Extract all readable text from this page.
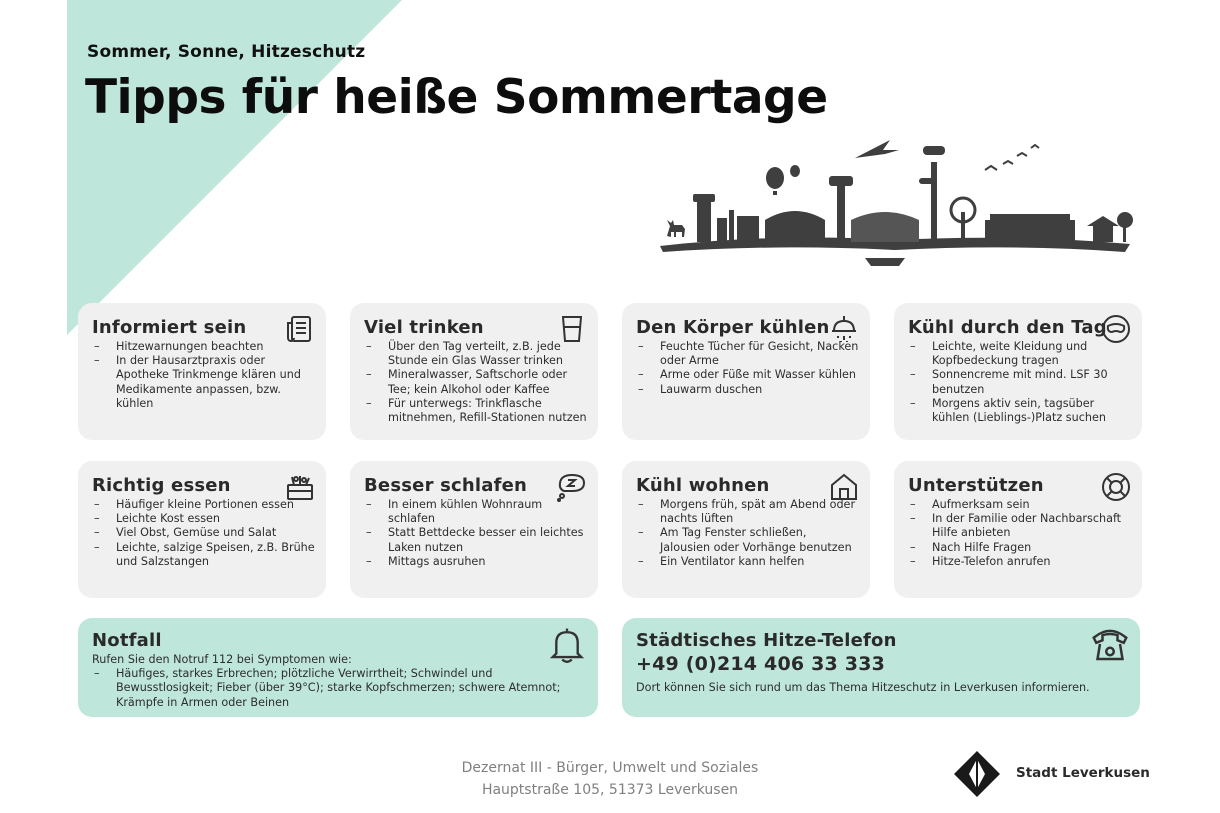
Sommer, Sonne, Hitzeschutz
Tipps für heiße Sommertage
Informiert sein
– Hitzewarnungen beachten
– In der Hausarztpraxis oder Apotheke Trinkmenge klären und Medikamente anpassen, bzw. kühlen
Viel trinken
– Über den Tag verteilt, z.B. jede Stunde ein Glas Wasser trinken
– Mineralwasser, Saftschorle oder Tee; kein Alkohol oder Kaffee
– Für unterwegs: Trinkflasche mitnehmen, Refill-Stationen nutzen
Den Körper kühlen
– Feuchte Tücher für Gesicht, Nacken oder Arme
– Arme oder Füße mit Wasser kühlen
– Lauwarm duschen
Kühl durch den Tag
– Leichte, weite Kleidung und Kopfbedeckung tragen
– Sonnencreme mit mind. LSF 30 benutzen
– Morgens aktiv sein, tagsüber kühlen (Lieblings-)Platz suchen
Richtig essen
– Häufiger kleine Portionen essen
– Leichte Kost essen
– Viel Obst, Gemüse und Salat
– Leichte, salzige Speisen, z.B. Brühe und Salzstangen
Besser schlafen
– In einem kühlen Wohnraum schlafen
– Statt Bettdecke besser ein leichtes Laken nutzen
– Mittags ausruhen
Kühl wohnen
– Morgens früh, spät am Abend oder nachts lüften
– Am Tag Fenster schließen, Jalousien oder Vorhänge benutzen
– Ein Ventilator kann helfen
Unterstützen
– Aufmerksam sein
– In der Familie oder Nachbarschaft Hilfe anbieten
– Nach Hilfe Fragen
– Hitze-Telefon anrufen
Notfall

Rufen Sie den Notruf 112 bei Symptomen wie:

– Häufiges, starkes Erbrechen; plötzliche Verwirrtheit; Schwindel und Bewusstlosigkeit; Fieber (über 39°C); starke Kopfschmerzen; schwere Atemnot; Krämpfe in Armen oder Beinen
Städtisches Hitze-Telefon
+49 (0)214 406 33 333

Dort können Sie sich rund um das Thema Hitzeschutz in Leverkusen informieren.

Dezernat III - Bürger, Umwelt und Soziales
Hauptstraße 105, 51373 Leverkusen
Stadt Leverkusen
